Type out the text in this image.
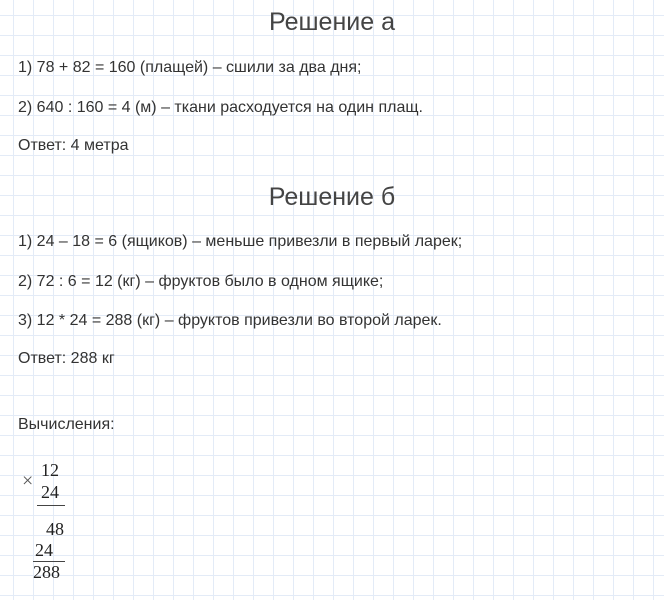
Решение а
1) 78 + 82 = 160 (плащей) – сшили за два дня;
2) 640 : 160 = 4 (м) – ткани расходуется на один плащ.
Ответ: 4 метра
Решение б
1) 24 – 18 = 6 (ящиков) – меньше привезли в первый ларек;
2) 72 : 6 = 12 (кг) – фруктов было в одном ящике;
3) 12 * 24 = 288 (кг) – фруктов привезли во второй ларек.
Ответ: 288 кг
Вычисления:
× 12
24
48
24
288
